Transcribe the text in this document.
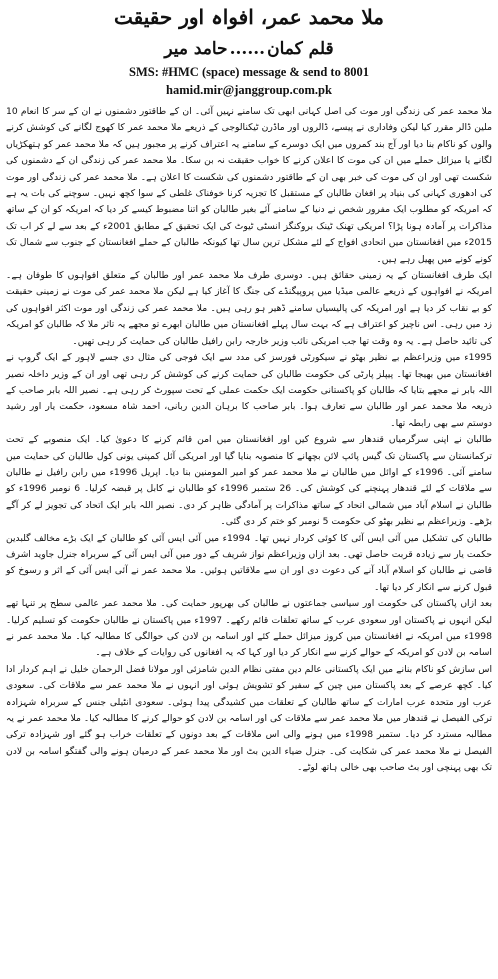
ملا محمد عمر، افواہ اور حقیقت
قلم کمان......حامد میر
SMS: #HMC (space) message & send to 8001
hamid.mir@janggroup.com.pk

ملا محمد عمر کی زندگی اور موت کی اصل کہانی ابھی تک سامنے نہیں آئی۔ ان کے طاقتور دشمنوں نے ان کے سر کا انعام 10 ملین ڈالر مقرر کیا لیکن وفاداری نے پیسے، ڈالروں اور ماڈرن ٹیکنالوجی کے ذریعے ملا محمد عمر کا کھوج لگانے کی کوشش کرنے والوں کو ناکام بنا دیا اور آج بند کمروں میں ایک دوسرے کے سامنے یہ اعتراف کرنے پر مجبور ہیں کہ ملا محمد عمر کو ہتھکڑیاں لگانے یا میزائل حملے میں ان کی موت کا اعلان کرنے کا خواب حقیقت نہ بن سکا۔ ملا محمد عمر کی زندگی ان کے دشمنوں کی شکست تھی اور ان کی موت کی خبر بھی ان کے طاقتور دشمنوں کی شکست کا اعلان ہے۔ ملا محمد عمر کی زندگی اور موت کی ادھوری کہانی کی بنیاد پر افغان طالبان کے مستقبل کا تجزیہ کرنا خوفناک غلطی کے سوا کچھ نہیں۔ سوچنے کی بات یہ ہے کہ امریکہ کو مطلوب ایک مفرور شخص نے دنیا کے سامنے آئے بغیر طالبان کو اتنا مضبوط کیسے کر دیا کہ امریکہ کو ان کے ساتھ مذاکرات پر آمادہ ہونا پڑا؟ امریکی تھنک ٹینک بروکنگز انسٹی ٹیوٹ کی ایک تحقیق کے مطابق 2001ء کے بعد سے لے کر اب تک 2015ء میں افغانستان میں اتحادی افواج کے لئے مشکل ترین سال تھا کیونکہ طالبان کے حملے افغانستان کے جنوب سے شمال تک کونے کونے میں پھیل رہے ہیں۔

ایک طرف افغانستان کے یہ زمینی حقائق ہیں۔ دوسری طرف ملا محمد عمر اور طالبان کے متعلق افواہوں کا طوفان ہے۔ امریکہ نے افواہوں کے ذریعے عالمی میڈیا میں پروپیگنڈے کی جنگ کا آغاز کیا ہے لیکن ملا محمد عمر کی موت نے زمینی حقیقت کو بے نقاب کر دیا ہے اور امریکہ کی پالیسیاں سامنے ڈھیر ہو رہی ہیں۔ ملا محمد عمر کی زندگی اور موت اکثر افواہوں کی زد میں رہی۔ اس ناچیز کو اعتراف ہے کہ بہت سال پہلے افغانستان میں طالبان ابھرے تو مجھے یہ تاثر ملا کہ طالبان کو امریکہ کی تائید حاصل ہے۔ یہ وہ وقت تھا جب امریکی نائب وزیر خارجہ رابن رافیل طالبان کی حمایت کر رہی تھیں۔

1995ء میں وزیراعظم بے نظیر بھٹو نے سیکورٹی فورسز کی مدد سے ایک فوجی کی مثال دی جسے لاہور کے ایک گروپ نے افغانستان میں بھیجا تھا۔ پیپلز پارٹی کی حکومت طالبان کی حمایت کرنے کی کوشش کر رہی تھی اور ان کے وزیر داخلہ نصیر اللہ بابر نے مجھے بتایا کہ طالبان کو پاکستانی حکومت ایک حکمت عملی کے تحت سپورٹ کر رہی ہے۔ نصیر اللہ بابر صاحب کے ذریعہ ملا محمد عمر اور طالبان سے تعارف ہوا۔ بابر صاحب کا برہان الدین ربانی، احمد شاہ مسعود، حکمت یار اور رشید دوستم سے بھی رابطہ تھا۔

طالبان نے اپنی سرگرمیاں قندھار سے شروع کیں اور افغانستان میں امن قائم کرنے کا دعویٰ کیا۔ ایک منصوبے کے تحت ترکمانستان سے پاکستان تک گیس پائپ لائن بچھانے کا منصوبہ بنایا گیا اور امریکی آئل کمپنی یونی کول طالبان کی حمایت میں سامنے آئی۔ 1996ء کے اوائل میں طالبان نے ملا محمد عمر کو امیر المومنین بنا دیا۔ اپریل 1996ء میں رابن رافیل نے طالبان سے ملاقات کے لئے قندھار پہنچنے کی کوشش کی۔ 26 ستمبر 1996ء کو طالبان نے کابل پر قبضہ کرلیا۔ 6 نومبر 1996ء کو طالبان نے اسلام آباد میں شمالی اتحاد کے ساتھ مذاکرات پر آمادگی ظاہر کر دی۔ نصیر اللہ بابر ایک اتحاد کی تجویز لے کر آگے بڑھے۔ وزیراعظم بے نظیر بھٹو کی حکومت 5 نومبر کو ختم کر دی گئی۔

طالبان کی تشکیل میں آئی ایس آئی کا کوئی کردار نہیں تھا۔ 1994ء میں آئی ایس آئی کو طالبان کے ایک بڑے مخالف گلبدین حکمت یار سے زیادہ قربت حاصل تھی۔ بعد ازاں وزیراعظم نواز شریف کے دور میں آئی ایس آئی کے سربراہ جنرل جاوید اشرف قاضی نے طالبان کو اسلام آباد آنے کی دعوت دی اور ان سے ملاقاتیں ہوئیں۔ ملا محمد عمر نے آئی ایس آئی کے اثر و رسوخ کو قبول کرنے سے انکار کر دیا تھا۔

بعد ازاں پاکستان کی حکومت اور سیاسی جماعتوں نے طالبان کی بھرپور حمایت کی۔ ملا محمد عمر عالمی سطح پر تنہا تھے لیکن انہوں نے پاکستان اور سعودی عرب کے ساتھ تعلقات قائم رکھے۔ 1997ء میں پاکستان نے طالبان حکومت کو تسلیم کرلیا۔ 1998ء میں امریکہ نے افغانستان میں کروز میزائل حملے کئے اور اسامہ بن لادن کی حوالگی کا مطالبہ کیا۔ ملا محمد عمر نے اسامہ بن لادن کو امریکہ کے حوالے کرنے سے انکار کر دیا اور کہا کہ یہ افغانوں کی روایات کے خلاف ہے۔

اس سازش کو ناکام بنانے میں ایک پاکستانی عالم دین مفتی نظام الدین شامزئی اور مولانا فضل الرحمان خلیل نے اہم کردار ادا کیا۔ کچھ عرصے کے بعد پاکستان میں چین کے سفیر کو تشویش ہوئی اور انہوں نے ملا محمد عمر سے ملاقات کی۔ سعودی عرب اور متحدہ عرب امارات کے ساتھ طالبان کے تعلقات میں کشیدگی پیدا ہوئی۔ سعودی انٹیلی جنس کے سربراہ شہزادہ ترکی الفیصل نے قندھار میں ملا محمد عمر سے ملاقات کی اور اسامہ بن لادن کو حوالے کرنے کا مطالبہ کیا۔ ملا محمد عمر نے یہ مطالبہ مسترد کر دیا۔ ستمبر 1998ء میں ہونے والی اس ملاقات کے بعد دونوں کے تعلقات خراب ہو گئے اور شہزادہ ترکی الفیصل نے ملا محمد عمر کی شکایت کی۔ جنرل ضیاء الدین بٹ اور ملا محمد عمر کے درمیان ہونے والی گفتگو اسامہ بن لادن تک بھی پہنچی اور بٹ صاحب بھی خالی ہاتھ لوٹے۔
